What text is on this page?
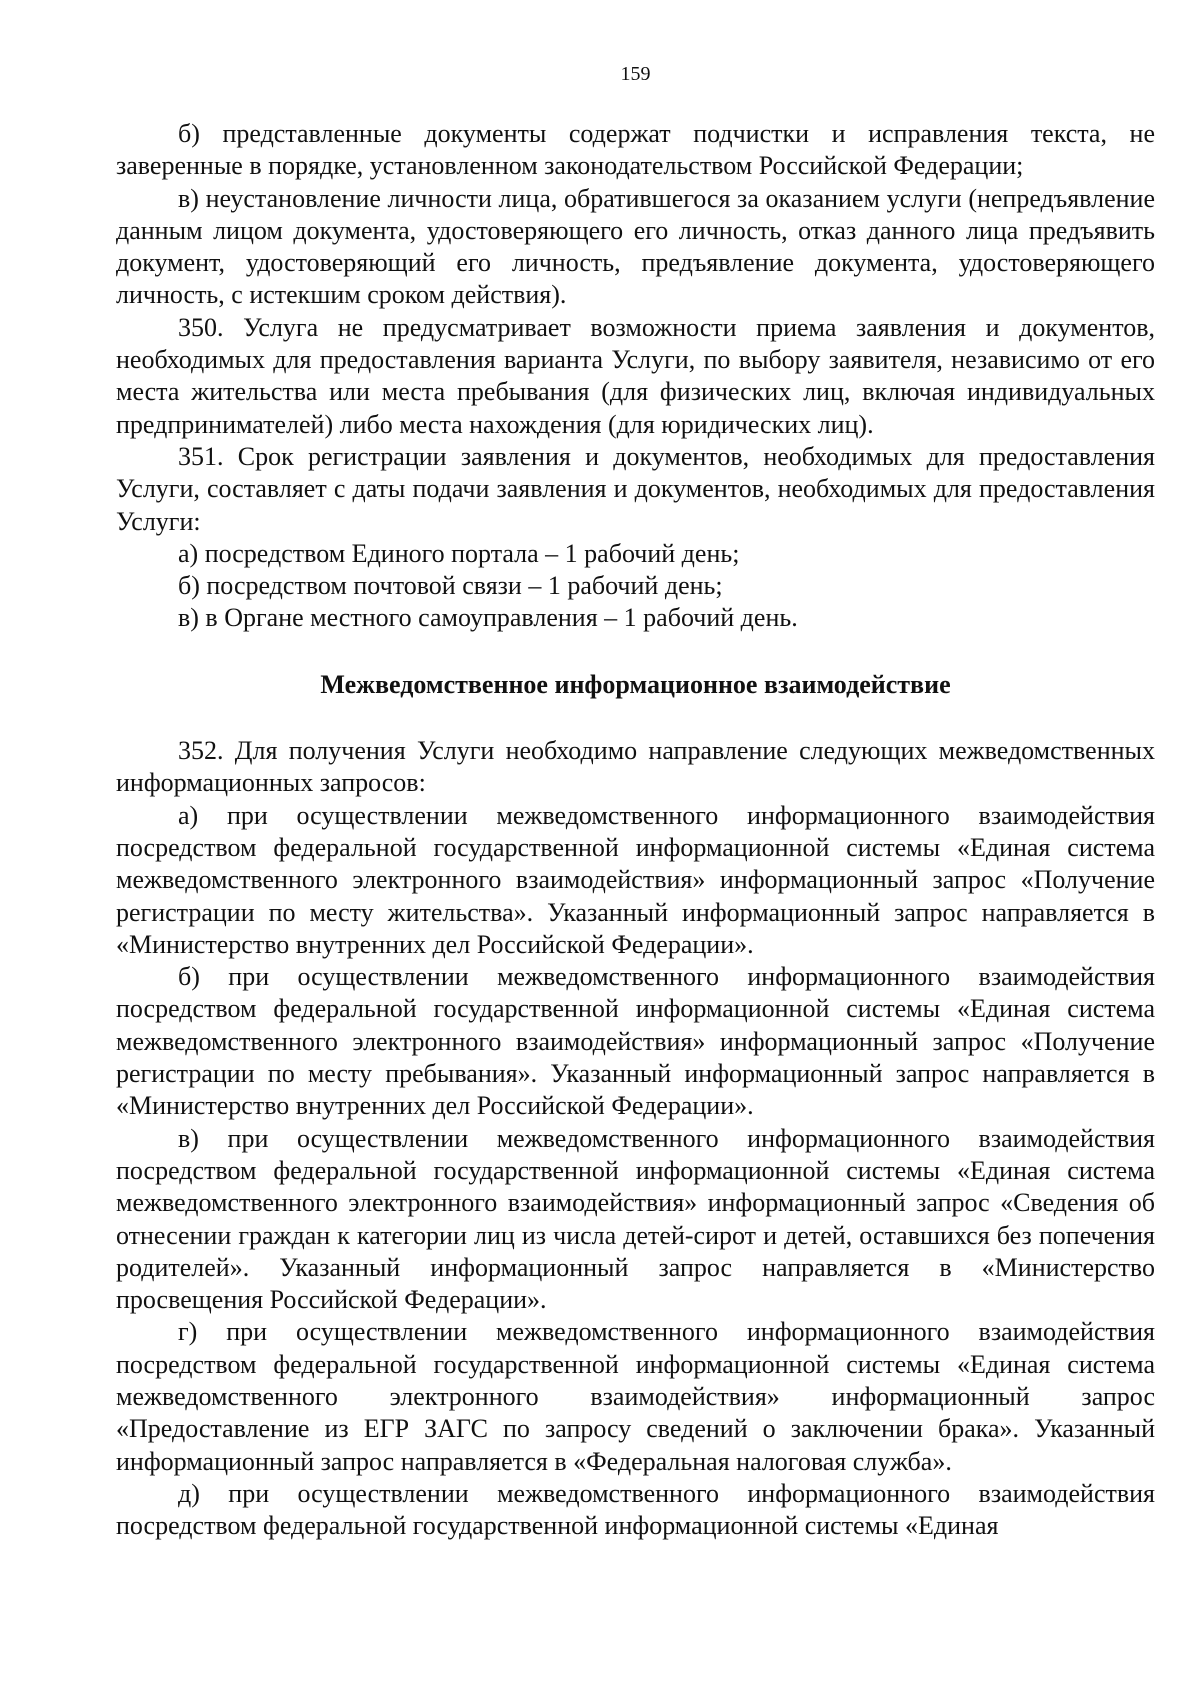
159

б) представленные документы содержат подчистки и исправления текста, не заверенные в порядке, установленном законодательством Российской Федерации;

в) неустановление личности лица, обратившегося за оказанием услуги (непредъявление данным лицом документа, удостоверяющего его личность, отказ данного лица предъявить документ, удостоверяющий его личность, предъявление документа, удостоверяющего личность, с истекшим сроком действия).

350. Услуга не предусматривает возможности приема заявления и документов, необходимых для предоставления варианта Услуги, по выбору заявителя, независимо от его места жительства или места пребывания (для физических лиц, включая индивидуальных предпринимателей) либо места нахождения (для юридических лиц).

351. Срок регистрации заявления и документов, необходимых для предоставления Услуги, составляет с даты подачи заявления и документов, необходимых для предоставления Услуги:

а) посредством Единого портала – 1 рабочий день;

б) посредством почтовой связи – 1 рабочий день;

в) в Органе местного самоуправления – 1 рабочий день.

Межведомственное информационное взаимодействие

352. Для получения Услуги необходимо направление следующих межведомственных информационных запросов:

а) при осуществлении межведомственного информационного взаимодействия посредством федеральной государственной информационной системы «Единая система межведомственного электронного взаимодействия» информационный запрос «Получение регистрации по месту жительства». Указанный информационный запрос направляется в «Министерство внутренних дел Российской Федерации».

б) при осуществлении межведомственного информационного взаимодействия посредством федеральной государственной информационной системы «Единая система межведомственного электронного взаимодействия» информационный запрос «Получение регистрации по месту пребывания». Указанный информационный запрос направляется в «Министерство внутренних дел Российской Федерации».

в) при осуществлении межведомственного информационного взаимодействия посредством федеральной государственной информационной системы «Единая система межведомственного электронного взаимодействия» информационный запрос «Сведения об отнесении граждан к категории лиц из числа детей-сирот и детей, оставшихся без попечения родителей». Указанный информационный запрос направляется в «Министерство просвещения Российской Федерации».

г) при осуществлении межведомственного информационного взаимодействия посредством федеральной государственной информационной системы «Единая система межведомственного электронного взаимодействия» информационный запрос «Предоставление из ЕГР ЗАГС по запросу сведений о заключении брака». Указанный информационный запрос направляется в «Федеральная налоговая служба».

д) при осуществлении межведомственного информационного взаимодействия посредством федеральной государственной информационной системы «Единая
